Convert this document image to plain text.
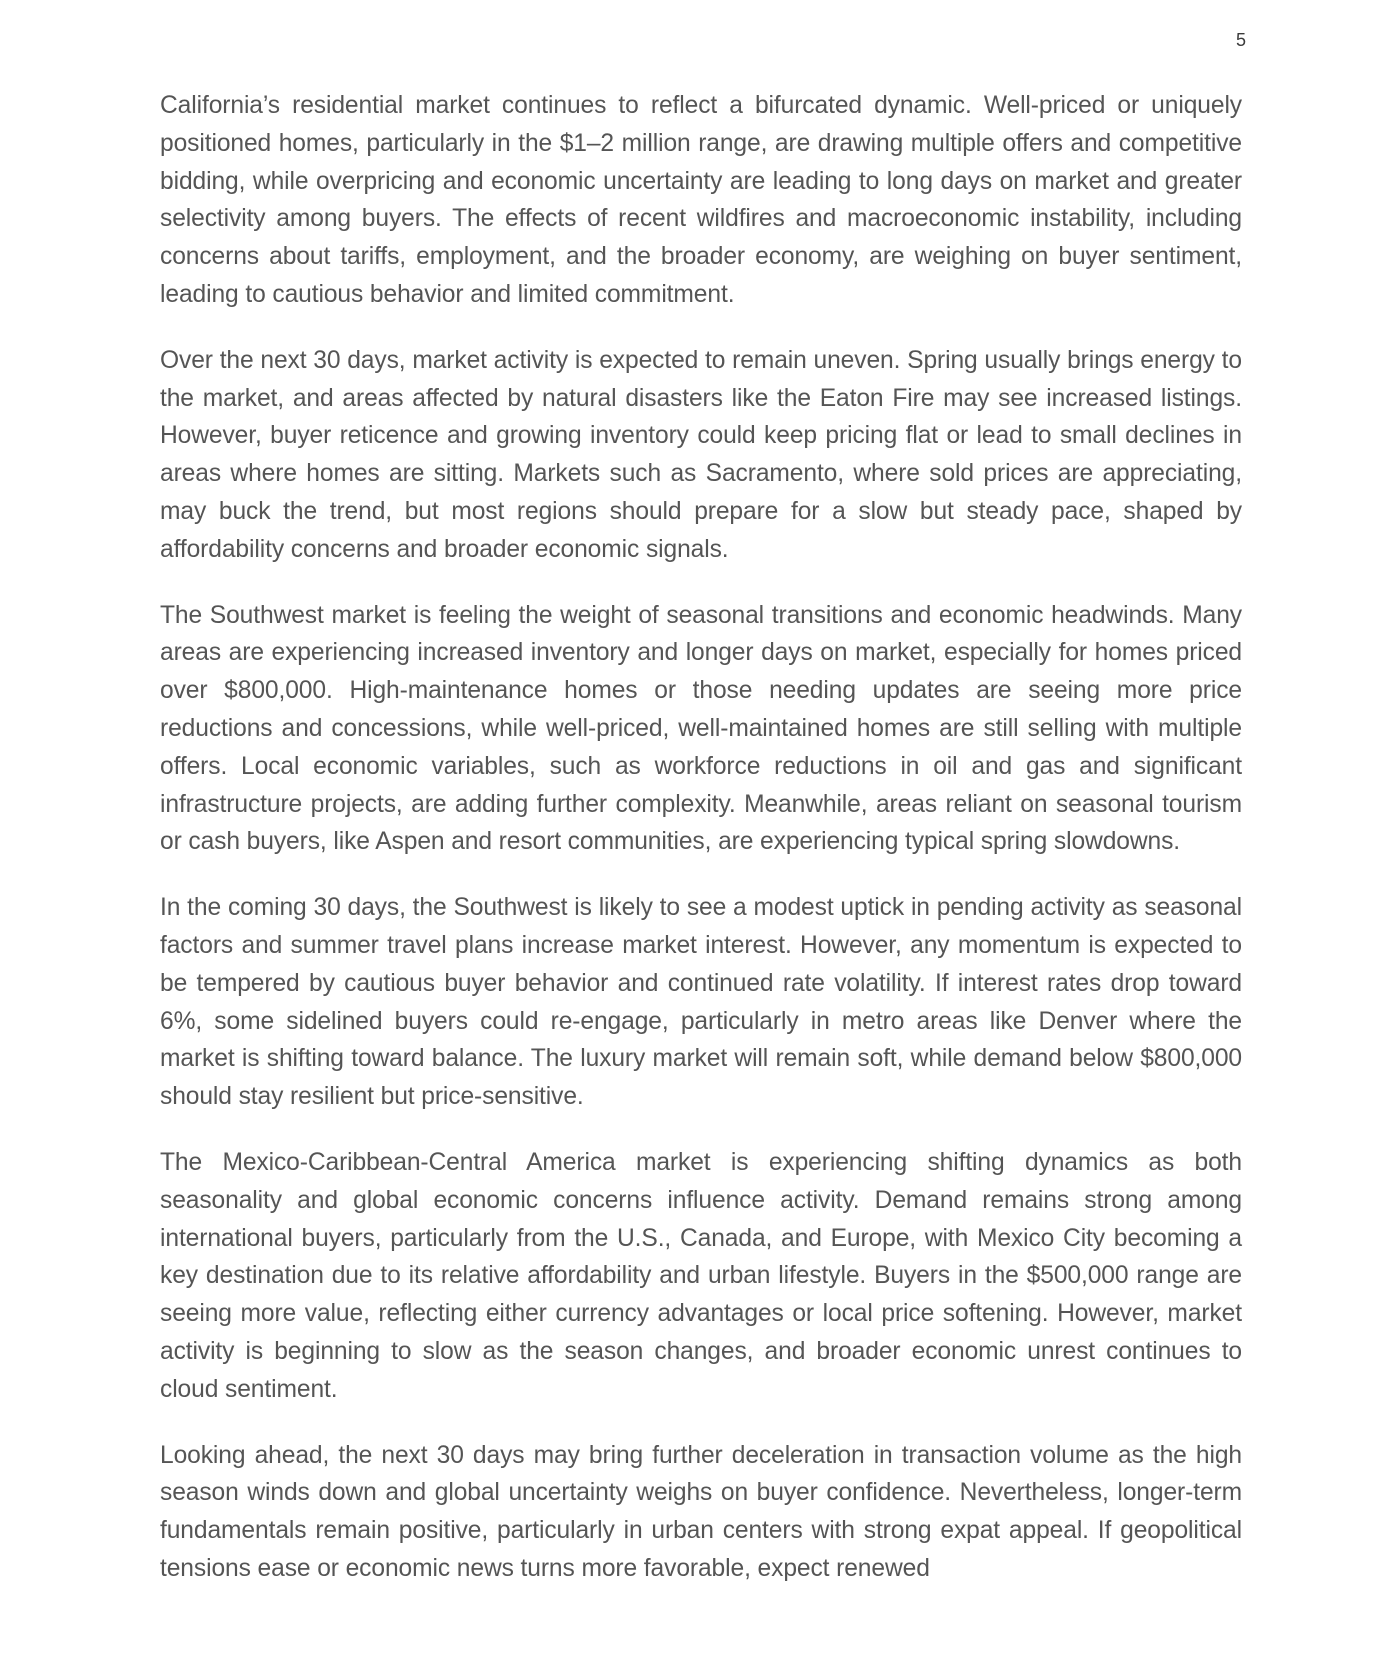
5

California’s residential market continues to reflect a bifurcated dynamic. Well-priced or uniquely positioned homes, particularly in the $1–2 million range, are drawing multiple offers and competitive bidding, while overpricing and economic uncertainty are leading to long days on market and greater selectivity among buyers. The effects of recent wildfires and macroeconomic instability, including concerns about tariffs, employment, and the broader economy, are weighing on buyer sentiment, leading to cautious behavior and limited commitment.

Over the next 30 days, market activity is expected to remain uneven. Spring usually brings energy to the market, and areas affected by natural disasters like the Eaton Fire may see increased listings. However, buyer reticence and growing inventory could keep pricing flat or lead to small declines in areas where homes are sitting. Markets such as Sacramento, where sold prices are appreciating, may buck the trend, but most regions should prepare for a slow but steady pace, shaped by affordability concerns and broader economic signals.

The Southwest market is feeling the weight of seasonal transitions and economic headwinds. Many areas are experiencing increased inventory and longer days on market, especially for homes priced over $800,000. High-maintenance homes or those needing updates are seeing more price reductions and concessions, while well-priced, well-maintained homes are still selling with multiple offers. Local economic variables, such as workforce reductions in oil and gas and significant infrastructure projects, are adding further complexity. Meanwhile, areas reliant on seasonal tourism or cash buyers, like Aspen and resort communities, are experiencing typical spring slowdowns.

In the coming 30 days, the Southwest is likely to see a modest uptick in pending activity as seasonal factors and summer travel plans increase market interest. However, any momentum is expected to be tempered by cautious buyer behavior and continued rate volatility. If interest rates drop toward 6%, some sidelined buyers could re-engage, particularly in metro areas like Denver where the market is shifting toward balance. The luxury market will remain soft, while demand below $800,000 should stay resilient but price-sensitive.

The Mexico-Caribbean-Central America market is experiencing shifting dynamics as both seasonality and global economic concerns influence activity. Demand remains strong among international buyers, particularly from the U.S., Canada, and Europe, with Mexico City becoming a key destination due to its relative affordability and urban lifestyle. Buyers in the $500,000 range are seeing more value, reflecting either currency advantages or local price softening. However, market activity is beginning to slow as the season changes, and broader economic unrest continues to cloud sentiment.

Looking ahead, the next 30 days may bring further deceleration in transaction volume as the high season winds down and global uncertainty weighs on buyer confidence. Nevertheless, longer-term fundamentals remain positive, particularly in urban centers with strong expat appeal. If geopolitical tensions ease or economic news turns more favorable, expect renewed
